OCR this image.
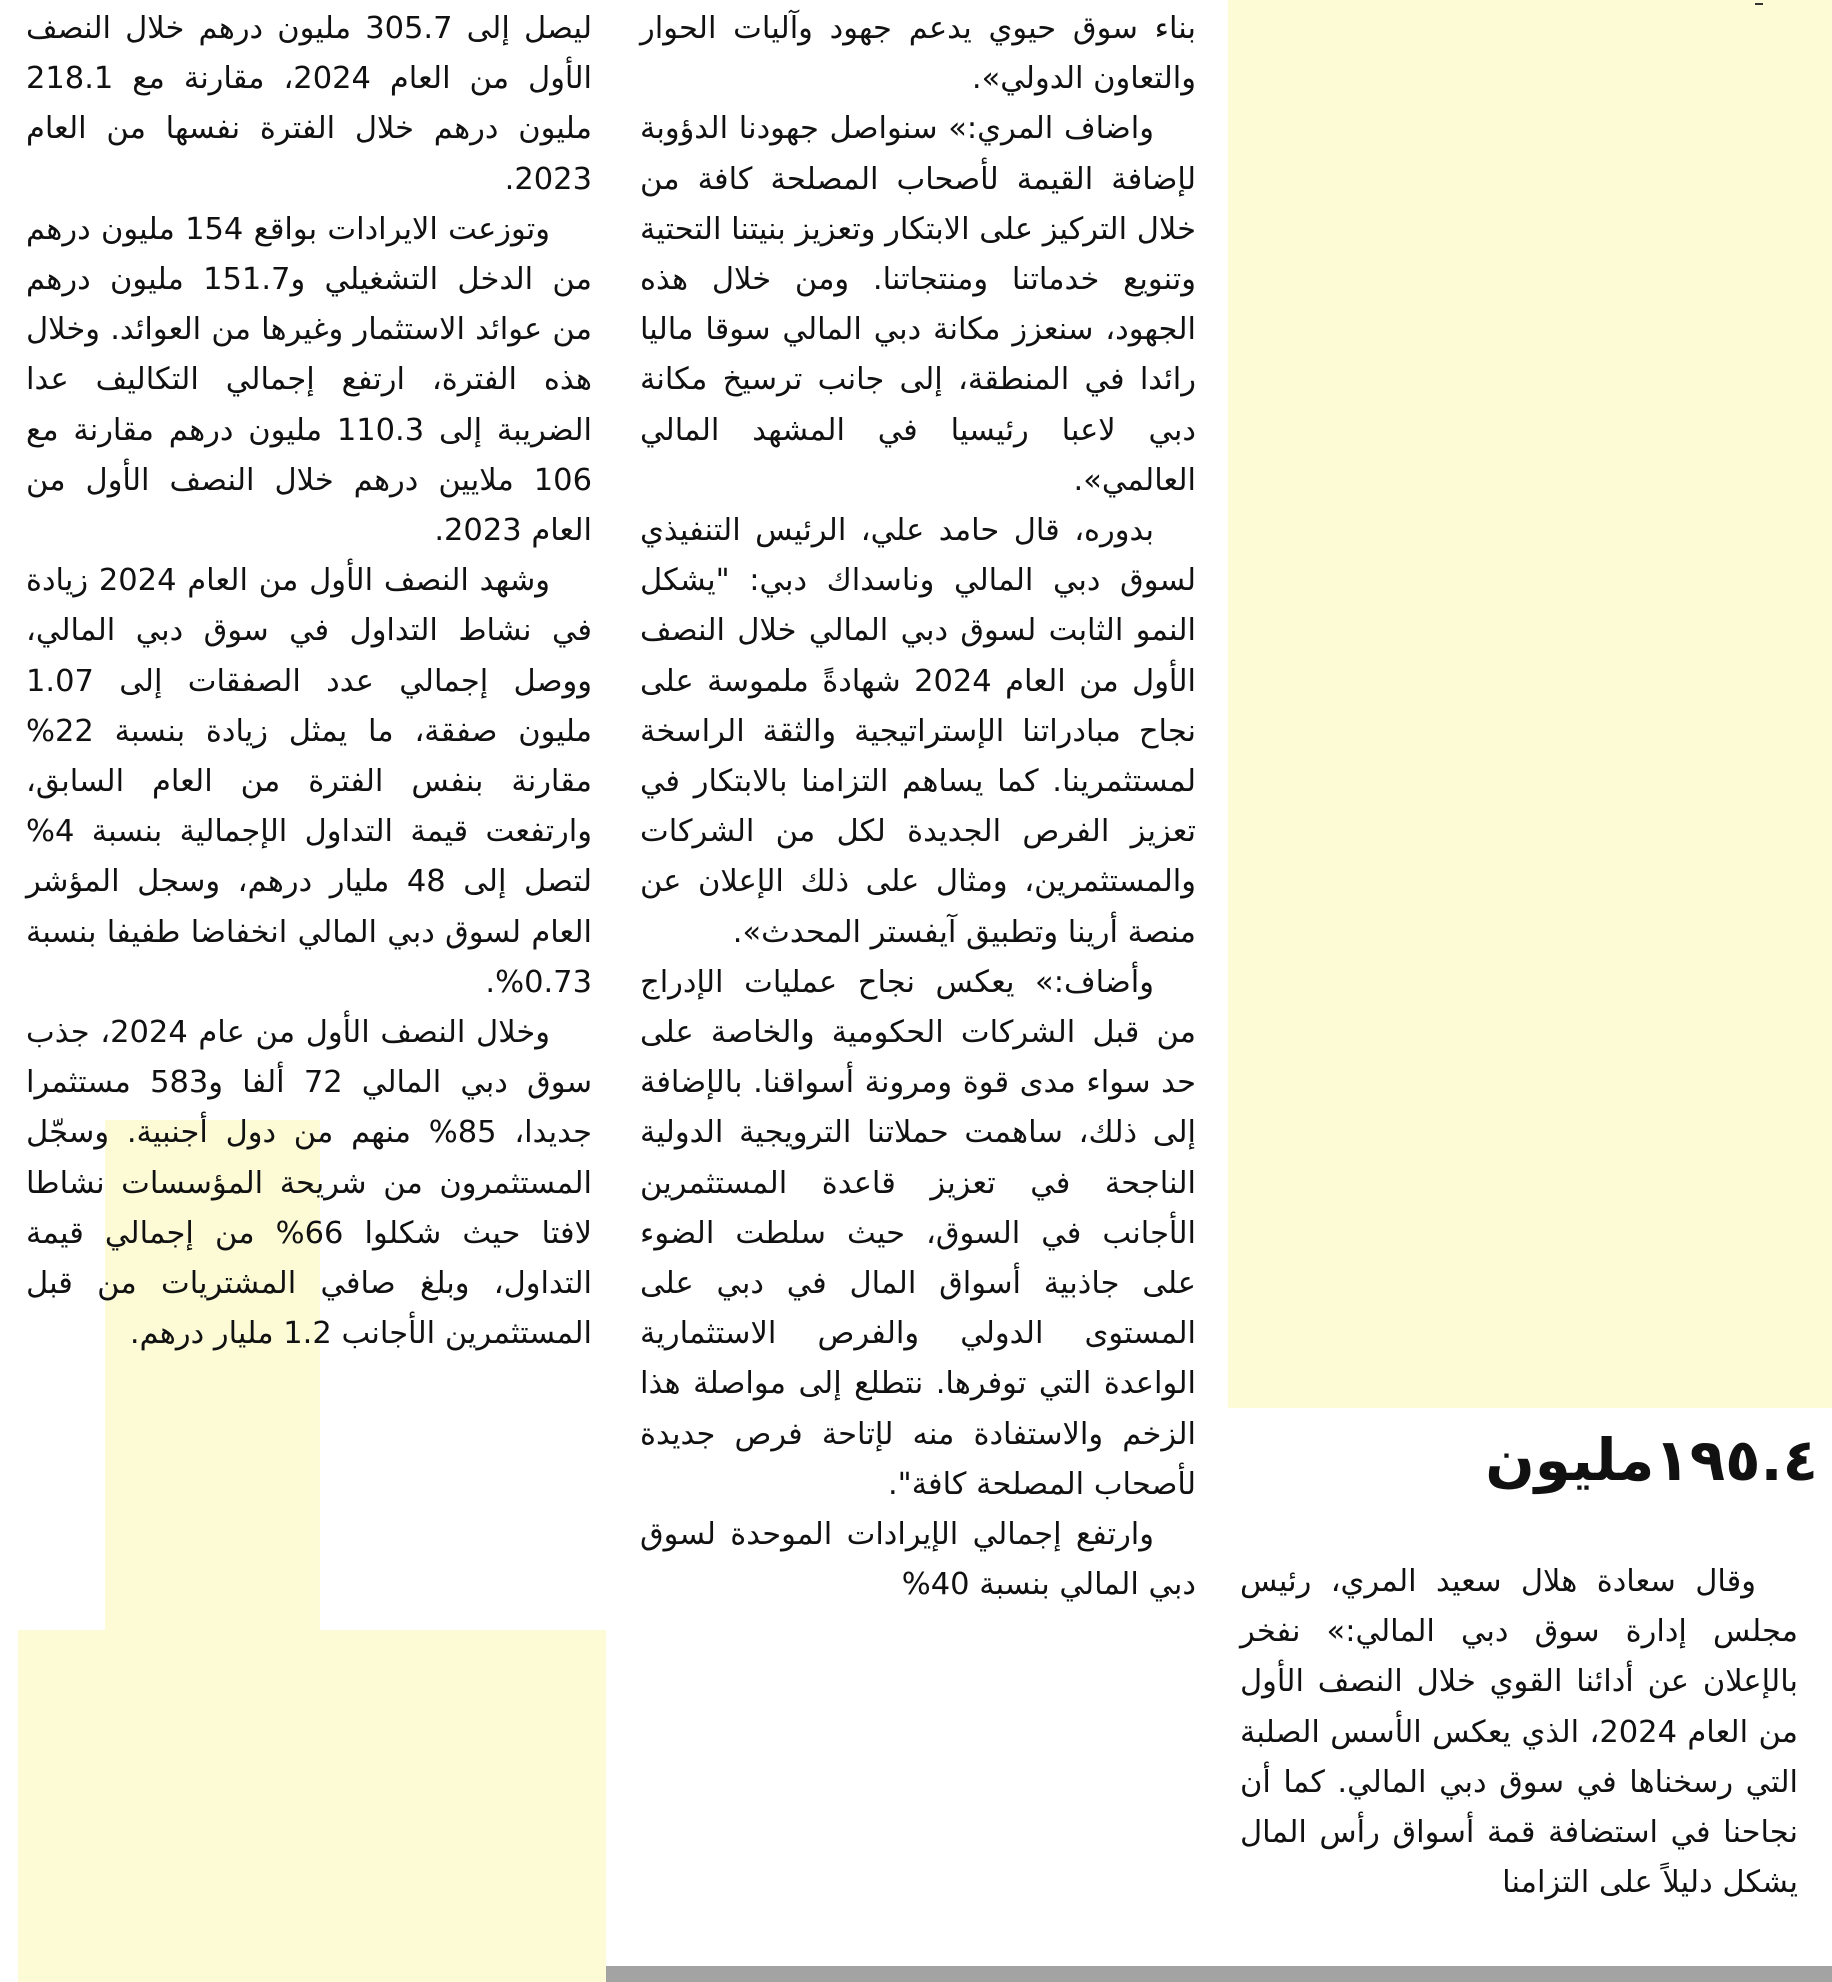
١٩٥.٤مليون

وقال سعادة هلال سعيد المري، رئيس مجلس إدارة سوق دبي المالي:» نفخر بالإعلان عن أدائنا القوي خلال النصف الأول من العام 2024، الذي يعكس الأسس الصلبة التي رسخناها في سوق دبي المالي. كما أن نجاحنا في استضافة قمة أسواق رأس المال يشكل دليلاً على التزامنا

بناء سوق حيوي يدعم جهود وآليات الحوار والتعاون الدولي».

واضاف المري:» سنواصل جهودنا الدؤوبة لإضافة القيمة لأصحاب المصلحة كافة من خلال التركيز على الابتكار وتعزيز بنيتنا التحتية وتنويع خدماتنا ومنتجاتنا. ومن خلال هذه الجهود، سنعزز مكانة دبي المالي سوقا ماليا رائدا في المنطقة، إلى جانب ترسيخ مكانة دبي لاعبا رئيسيا في المشهد المالي العالمي».

بدوره، قال حامد علي، الرئيس التنفيذي لسوق دبي المالي وناسداك دبي: "يشكل النمو الثابت لسوق دبي المالي خلال النصف الأول من العام 2024 شهادةً ملموسة على نجاح مبادراتنا الإستراتيجية والثقة الراسخة لمستثمرينا. كما يساهم التزامنا بالابتكار في تعزيز الفرص الجديدة لكل من الشركات والمستثمرين، ومثال على ذلك الإعلان عن منصة أرينا وتطبيق آيفستر المحدث».

وأضاف:» يعكس نجاح عمليات الإدراج من قبل الشركات الحكومية والخاصة على حد سواء مدى قوة ومرونة أسواقنا. بالإضافة إلى ذلك، ساهمت حملاتنا الترويجية الدولية الناجحة في تعزيز قاعدة المستثمرين الأجانب في السوق، حيث سلطت الضوء على جاذبية أسواق المال في دبي على المستوى الدولي والفرص الاستثمارية الواعدة التي توفرها. نتطلع إلى مواصلة هذا الزخم والاستفادة منه لإتاحة فرص جديدة لأصحاب المصلحة كافة".

وارتفع إجمالي الإيرادات الموحدة لسوق دبي المالي بنسبة 40%

ليصل إلى 305.7 مليون درهم خلال النصف الأول من العام 2024، مقارنة مع 218.1 مليون درهم خلال الفترة نفسها من العام 2023.

وتوزعت الايرادات بواقع 154 مليون درهم من الدخل التشغيلي و151.7 مليون درهم من عوائد الاستثمار وغيرها من العوائد. وخلال هذه الفترة، ارتفع إجمالي التكاليف عدا الضريبة إلى 110.3 مليون درهم مقارنة مع 106 ملايين درهم خلال النصف الأول من العام 2023.

وشهد النصف الأول من العام 2024 زيادة في نشاط التداول في سوق دبي المالي، ووصل إجمالي عدد الصفقات إلى 1.07 مليون صفقة، ما يمثل زيادة بنسبة 22% مقارنة بنفس الفترة من العام السابق، وارتفعت قيمة التداول الإجمالية بنسبة 4% لتصل إلى 48 مليار درهم، وسجل المؤشر العام لسوق دبي المالي انخفاضا طفيفا بنسبة 0.73%.

وخلال النصف الأول من عام 2024، جذب سوق دبي المالي 72 ألفا و583 مستثمرا جديدا، 85% منهم من دول أجنبية. وسجّل المستثمرون من شريحة المؤسسات نشاطا لافتا حيث شكلوا 66% من إجمالي قيمة التداول، وبلغ صافي المشتريات من قبل المستثمرين الأجانب 1.2 مليار درهم.
